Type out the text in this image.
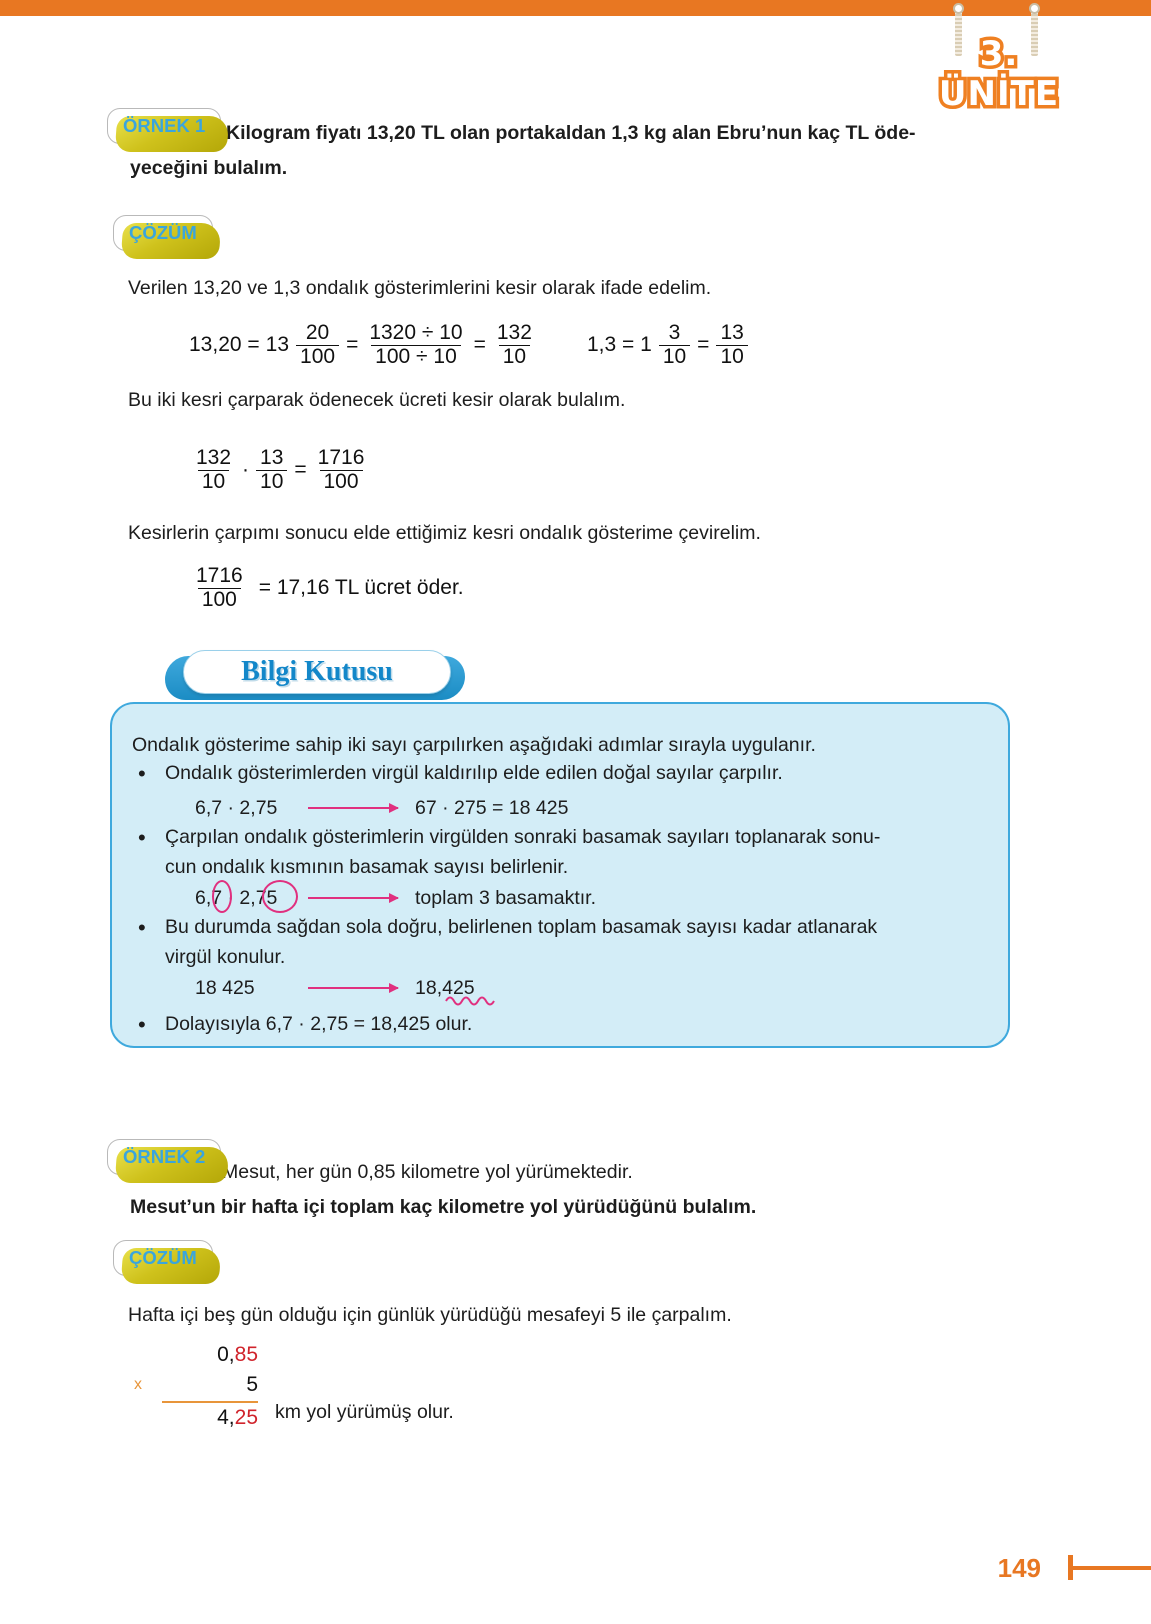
3. ÜNİTE
ÖRNEK 1	Kilogram fiyatı 13,20 TL olan portakaldan 1,3 kg alan Ebru’nun kaç TL öde-
yeceğini bulalım.
ÇÖZÜM
Verilen 13,20 ve 1,3 ondalık gösterimlerini kesir olarak ifade edelim.
$13,20 = 13 \frac{20}{100} = \frac{1320 \div 10}{100 \div 10} = \frac{132}{10} 1,3 = 1 \frac{3}{10} = \frac{13}{10}$
Bu iki kesri çarparak ödenecek ücreti kesir olarak bulalım.
$\frac{132}{10} \cdot \frac{13}{10} = \frac{1716}{100}$
Kesirlerin çarpımı sonucu elde ettiğimiz kesri ondalık gösterime çevirelim.
$\frac{1716}{100} = 17,16$ TL ücret öder.
Bilgi Kutusu
Ondalık gösterime sahip iki sayı çarpılırken aşağıdaki adımlar sırayla uygulanır.
• Ondalık gösterimlerden virgül kaldırılıp elde edilen doğal sayılar çarpılır.
6,7 · 2,75	67 · 275 = 18 425
• Çarpılan ondalık gösterimlerin virgülden sonraki basamak sayıları toplanarak sonu-
cun ondalık kısmının basamak sayısı belirlenir.
6,7 · 2,75	toplam 3 basamaktır.
• Bu durumda sağdan sola doğru, belirlenen toplam basamak sayısı kadar atlanarak
virgül konulur.
18 425	18,425
• Dolayısıyla 6,7 · 2,75 = 18,425 olur.
ÖRNEK 2
Mesut, her gün 0,85 kilometre yol yürümektedir.
Mesut’un bir hafta içi toplam kaç kilometre yol yürüdüğünü bulalım.
ÇÖZÜM
Hafta içi beş gün olduğu için günlük yürüdüğü mesafeyi 5 ile çarpalım.
0,85
x	5
4,25 km yol yürümüş olur.
149
